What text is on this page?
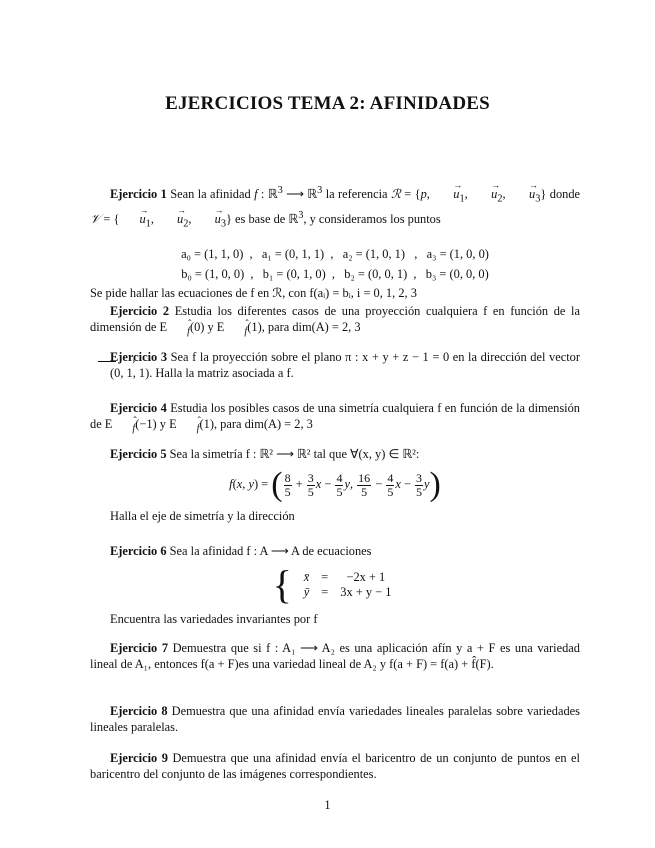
EJERCICIOS TEMA 2: AFINIDADES

Ejercicio 1 Sean la afinidad f : ℝ$^3$ ⟶ ℝ$^3$ la referencia ℛ = {p, → $u_1$, → $u_2$, → $u_3$} donde 𝒱 = { → $u_1$, → $u_2$, → $u_3$} es base de ℝ$^3$, y consideramos los puntos

a₀ = (1, 1, 0)  ,   a₁ = (0, 1, 1)  ,   a₂ = (1, 0, 1)   ,   a₃ = (1, 0, 0)
b₀ = (1, 0, 0)  ,   b₁ = (0, 1, 0)  ,   b₂ = (0, 0, 1)  ,   b₃ = (0, 0, 0)

Se pide hallar las ecuaciones de f en ℛ, con f(aᵢ) = bᵢ, i = 0, 1, 2, 3

Ejercicio 2 Estudia los diferentes casos de una proyección cualquiera f en función de la dimensión de E ˆ $_f$(0) y E ˆ $_f$(1), para dim(A) = 2, 3

Ejercicio 3 Sea f la proyección sobre el plano π : x + y + z − 1 = 0 en la dirección del vector (0, 1, 1). Halla la matriz asociada a f. ›

Ejercicio 4 Estudia los posibles casos de una simetría cualquiera f en función de la dimensión de E ˆ $_f$(−1) y E ˆ $_f$(1), para dim(A) = 2, 3

Ejercicio 5 Sea la simetría f : ℝ² ⟶ ℝ² tal que ∀(x, y) ∈ ℝ²:

f(x, y) = ( $\frac{8}{5} + \frac{3}{5}$ $x - \frac{4}{5} y$, $\frac{16}{5} - \frac{4}{5}$ $x - \frac{3}{5} y$)

Halla el eje de simetría y la dirección

Ejercicio 6 Sea la afinidad f : A ⟶ A de ecuaciones

{ x̄	=	−2x + 1
ȳ	=	3x + y − 1

Encuentra las variedades invariantes por f

Ejercicio 7 Demuestra que si f : A₁ ⟶ A₂ es una aplicación afín y a + F es una variedad lineal de A₁, entonces f(a + F)es una variedad lineal de A₂ y f(a + F) = f(a) + f̂(F).

Ejercicio 8 Demuestra que una afinidad envía variedades lineales paralelas sobre variedades lineales paralelas.

Ejercicio 9 Demuestra que una afinidad envía el baricentro de un conjunto de puntos en el baricentro del conjunto de las imágenes correspondientes.

1
